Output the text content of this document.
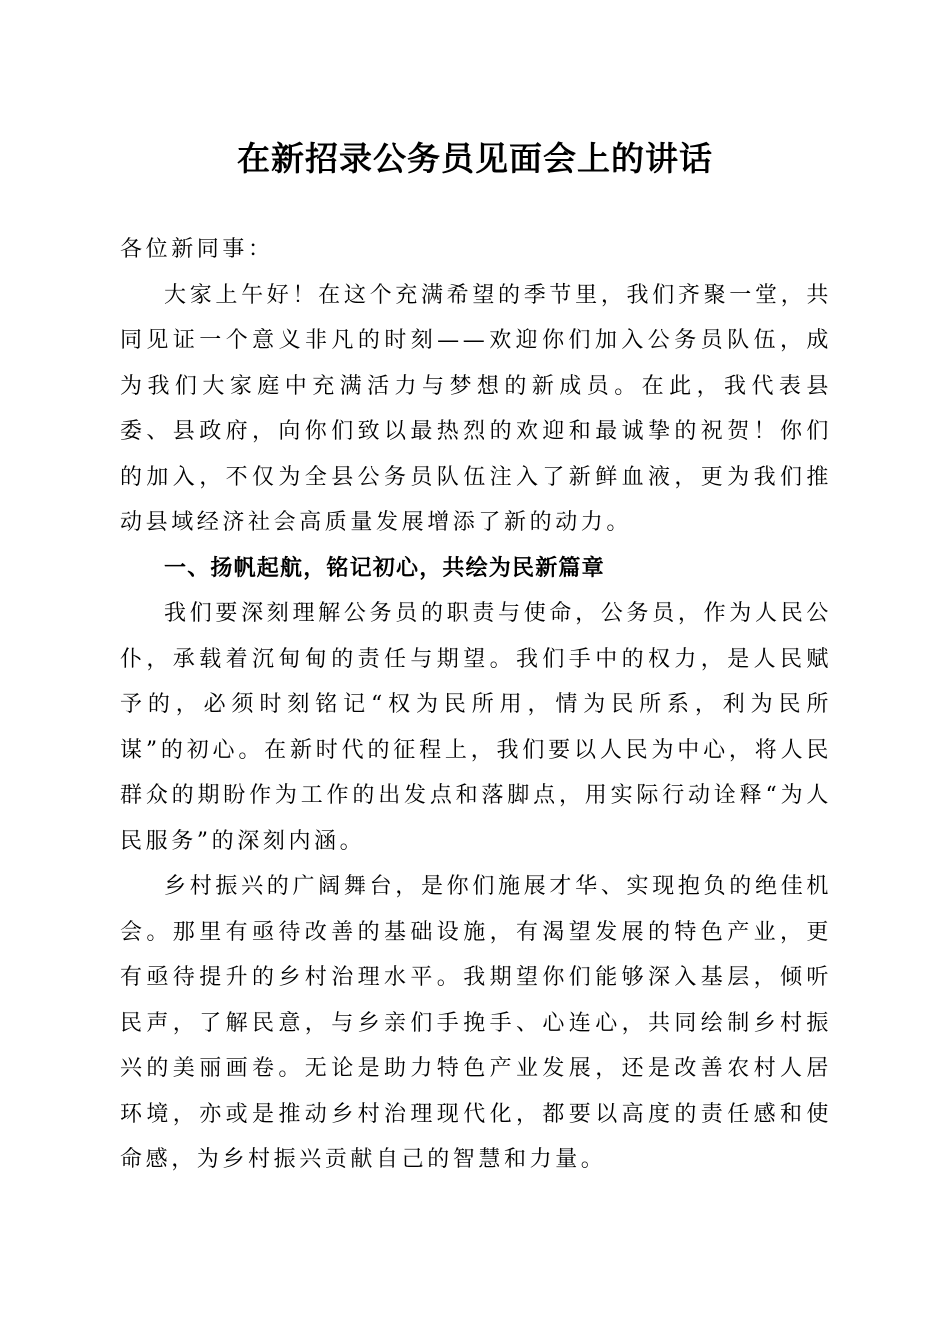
在新招录公务员见面会上的讲话

各位新同事：

大家上午好！在这个充满希望的季节里，我们齐聚一堂，共同见证一个意义非凡的时刻——欢迎你们加入公务员队伍，成为我们大家庭中充满活力与梦想的新成员。在此，我代表县委、县政府，向你们致以最热烈的欢迎和最诚挚的祝贺！你们的加入，不仅为全县公务员队伍注入了新鲜血液，更为我们推动县域经济社会高质量发展增添了新的动力。

一、扬帆起航，铭记初心，共绘为民新篇章

我们要深刻理解公务员的职责与使命，公务员，作为人民公仆，承载着沉甸甸的责任与期望。我们手中的权力，是人民赋予的，必须时刻铭记“权为民所用，情为民所系，利为民所谋”的初心。在新时代的征程上，我们要以人民为中心，将人民群众的期盼作为工作的出发点和落脚点，用实际行动诠释“为人民服务”的深刻内涵。

乡村振兴的广阔舞台，是你们施展才华、实现抱负的绝佳机会。那里有亟待改善的基础设施，有渴望发展的特色产业，更有亟待提升的乡村治理水平。我期望你们能够深入基层，倾听民声，了解民意，与乡亲们手挽手、心连心，共同绘制乡村振兴的美丽画卷。无论是助力特色产业发展，还是改善农村人居环境，亦或是推动乡村治理现代化，都要以高度的责任感和使命感，为乡村振兴贡献自己的智慧和力量。
